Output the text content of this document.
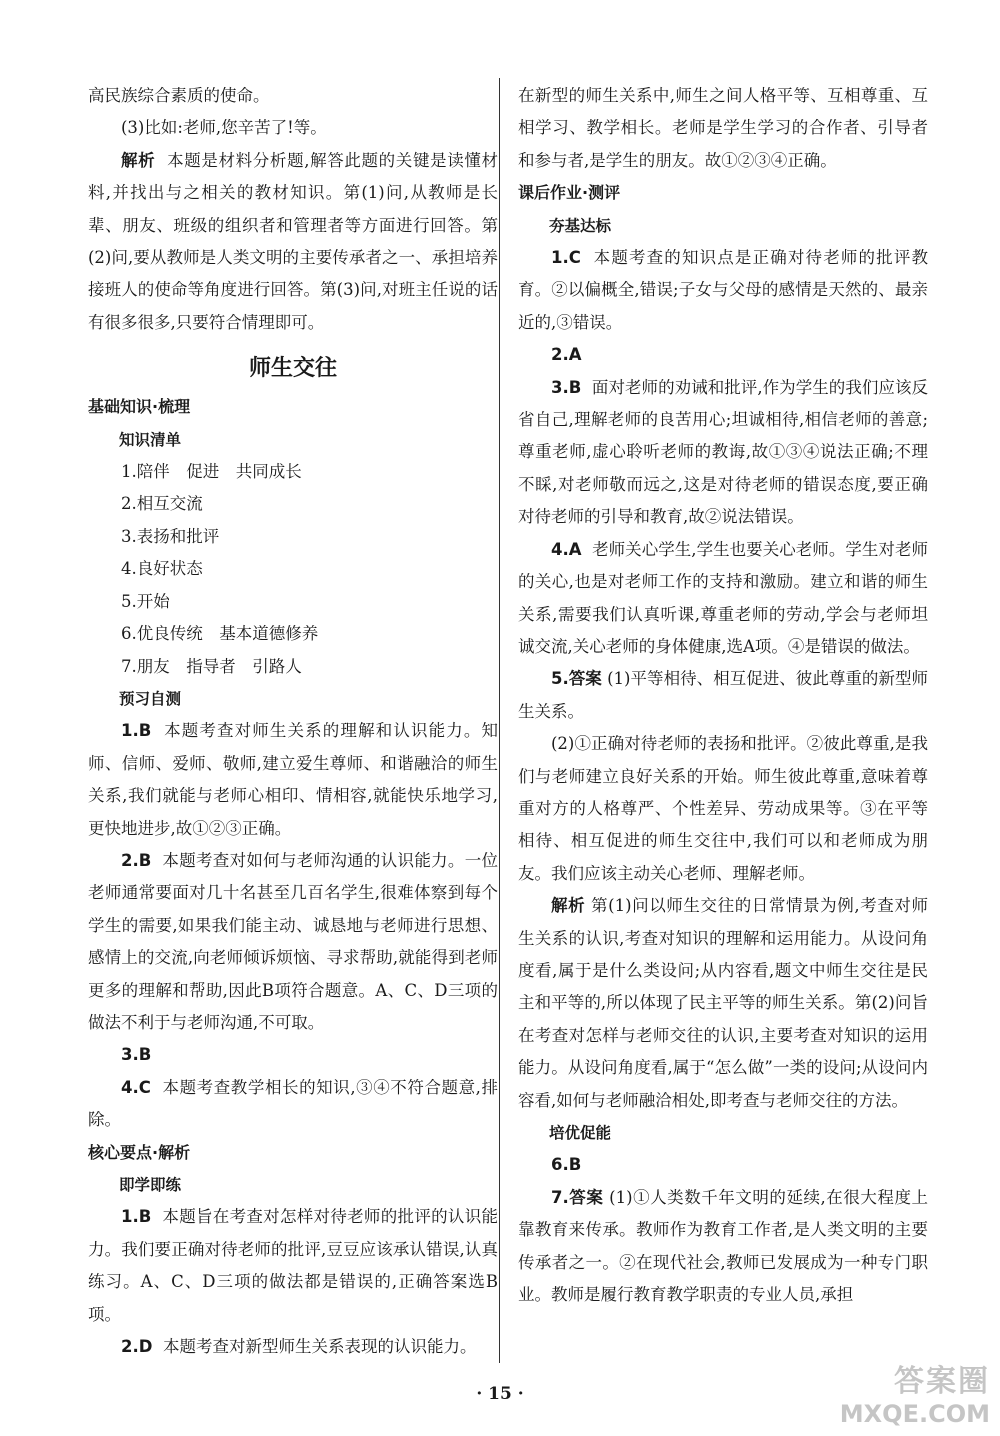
高民族综合素质的使命。

(3)比如:老师,您辛苦了!等。

解析 本题是材料分析题,解答此题的关键是读懂材料,并找出与之相关的教材知识。第(1)问,从教师是长辈、朋友、班级的组织者和管理者等方面进行回答。第(2)问,要从教师是人类文明的主要传承者之一、承担培养接班人的使命等角度进行回答。第(3)问,对班主任说的话有很多很多,只要符合情理即可。

师生交往

基础知识·梳理

知识清单

1.陪伴　促进　共同成长

2.相互交流

3.表扬和批评

4.良好状态

5.开始

6.优良传统　基本道德修养

7.朋友　指导者　引路人

预习自测

1.B 本题考查对师生关系的理解和认识能力。知师、信师、爱师、敬师,建立爱生尊师、和谐融洽的师生关系,我们就能与老师心相印、情相容,就能快乐地学习,更快地进步,故①②③正确。

2.B 本题考查对如何与老师沟通的认识能力。一位老师通常要面对几十名甚至几百名学生,很难体察到每个学生的需要,如果我们能主动、诚恳地与老师进行思想、感情上的交流,向老师倾诉烦恼、寻求帮助,就能得到老师更多的理解和帮助,因此B项符合题意。A、C、D三项的做法不利于与老师沟通,不可取。

3.B

4.C 本题考查教学相长的知识,③④不符合题意,排除。

核心要点·解析

即学即练

1.B 本题旨在考查对怎样对待老师的批评的认识能力。我们要正确对待老师的批评,豆豆应该承认错误,认真练习。A、C、D三项的做法都是错误的,正确答案选B项。

2.D 本题考查对新型师生关系表现的认识能力。

在新型的师生关系中,师生之间人格平等、互相尊重、互相学习、教学相长。老师是学生学习的合作者、引导者和参与者,是学生的朋友。故①②③④正确。

课后作业·测评

夯基达标

1.C 本题考查的知识点是正确对待老师的批评教育。②以偏概全,错误;子女与父母的感情是天然的、最亲近的,③错误。

2.A

3.B 面对老师的劝诫和批评,作为学生的我们应该反省自己,理解老师的良苦用心;坦诚相待,相信老师的善意;尊重老师,虚心聆听老师的教诲,故①③④说法正确;不理不睬,对老师敬而远之,这是对待老师的错误态度,要正确对待老师的引导和教育,故②说法错误。

4.A 老师关心学生,学生也要关心老师。学生对老师的关心,也是对老师工作的支持和激励。建立和谐的师生关系,需要我们认真听课,尊重老师的劳动,学会与老师坦诚交流,关心老师的身体健康,选A项。④是错误的做法。

5.答案 (1)平等相待、相互促进、彼此尊重的新型师生关系。

(2)①正确对待老师的表扬和批评。②彼此尊重,是我们与老师建立良好关系的开始。师生彼此尊重,意味着尊重对方的人格尊严、个性差异、劳动成果等。③在平等相待、相互促进的师生交往中,我们可以和老师成为朋友。我们应该主动关心老师、理解老师。

解析 第(1)问以师生交往的日常情景为例,考查对师生关系的认识,考查对知识的理解和运用能力。从设问角度看,属于是什么类设问;从内容看,题文中师生交往是民主和平等的,所以体现了民主平等的师生关系。第(2)问旨在考查对怎样与老师交往的认识,主要考查对知识的运用能力。从设问角度看,属于“怎么做”一类的设问;从设问内容看,如何与老师融洽相处,即考查与老师交往的方法。

培优促能

6.B

7.答案 (1)①人类数千年文明的延续,在很大程度上靠教育来传承。教师作为教育工作者,是人类文明的主要传承者之一。②在现代社会,教师已发展成为一种专门职业。教师是履行教育教学职责的专业人员,承担

· 15 ·	答案圈
MXQE.COM
